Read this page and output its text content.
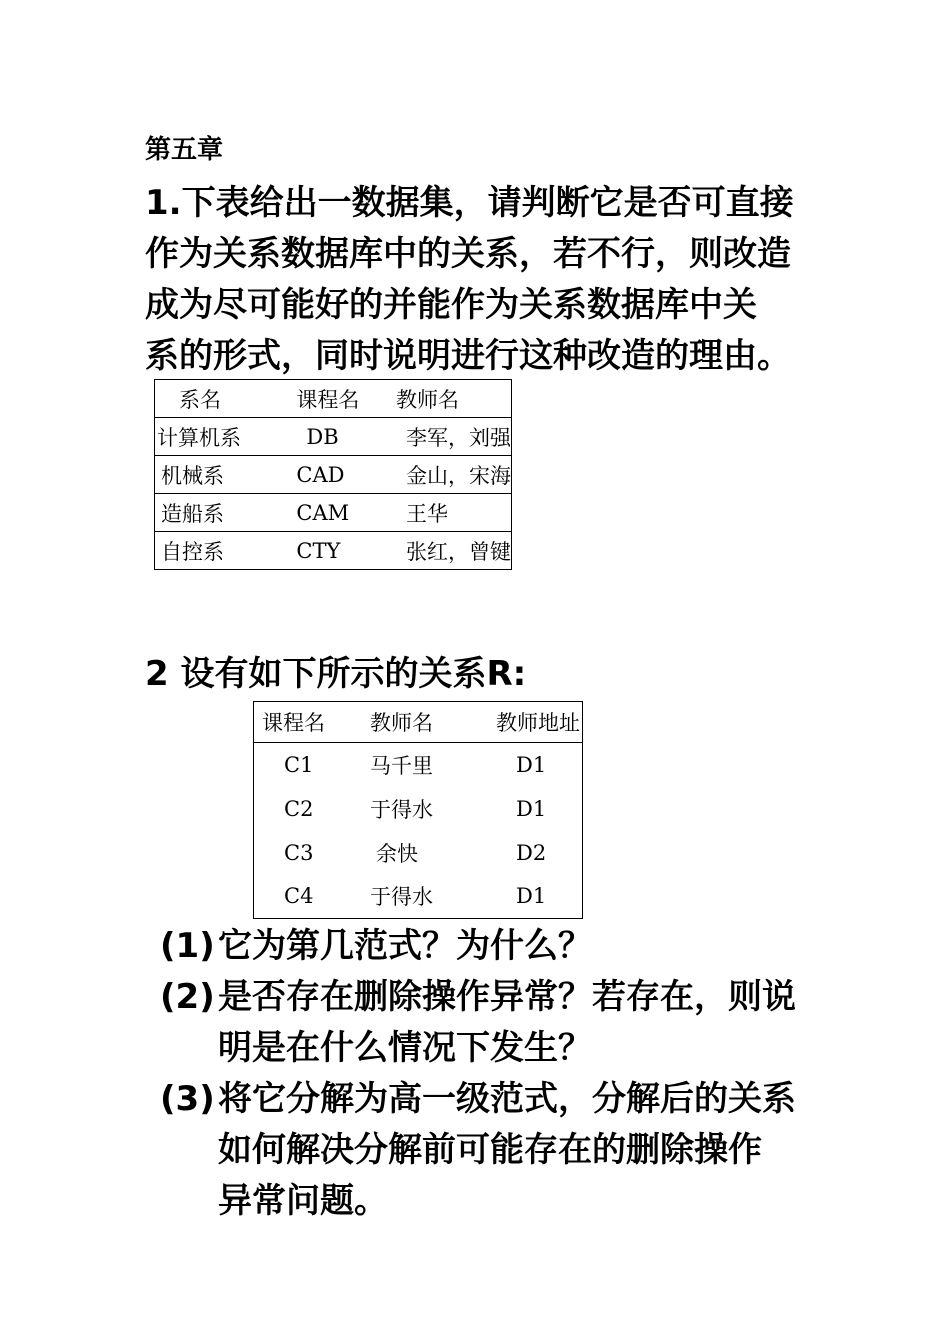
第五章
1.下表给出一数据集，请判断它是否可直接
作为关系数据库中的关系，若不行，则改造
成为尽可能好的并能作为关系数据库中关
系的形式，同时说明进行这种改造的理由。
系名	课程名	教师名
计算机系	DB	李军，刘强
机械系	CAD	金山，宋海
造船系	CAM	王华
自控系	CTY	张红，曾键
2 设有如下所示的关系R:
课程名	教师名	教师地址
C1	马千里	D1
C2	于得水	D1
C3	余快	D2
C4	于得水	D1
(1) 它为第几范式？为什么？
(2) 是否存在删除操作异常？若存在，则说
明是在什么情况下发生？
(3) 将它分解为高一级范式，分解后的关系
如何解决分解前可能存在的删除操作
异常问题。
